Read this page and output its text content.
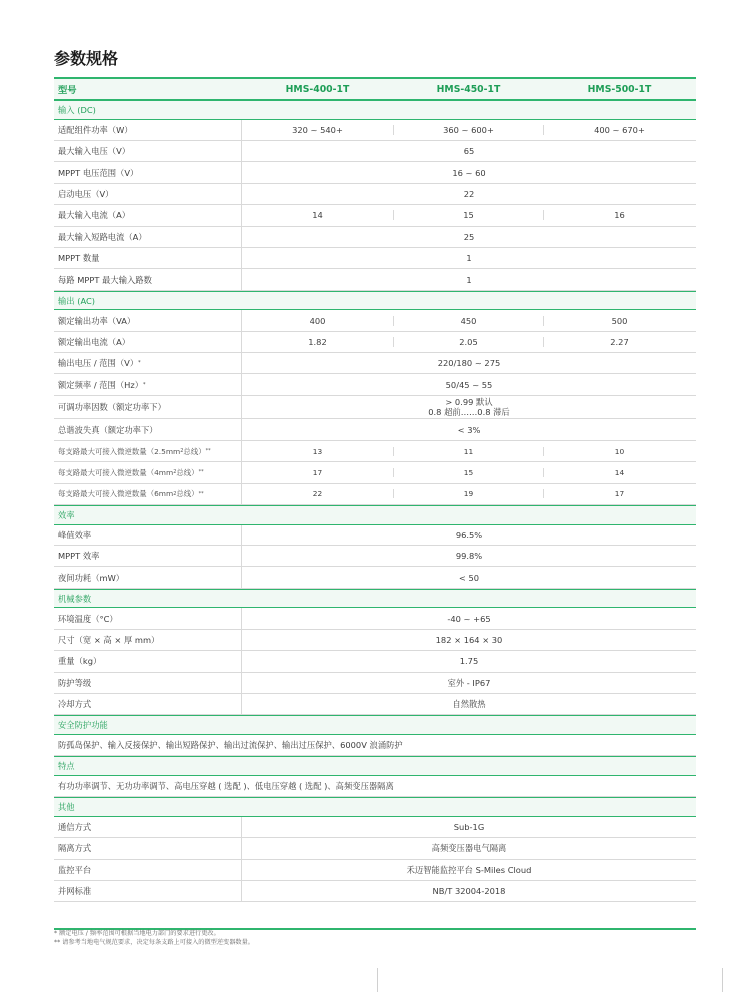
参数规格
型号	HMS-400-1T	HMS-450-1T	HMS-500-1T
输入 (DC)
适配组件功率（W）	320 ~ 540+	360 ~ 600+	400 ~ 670+
最大输入电压（V）	65
MPPT 电压范围（V）	16 ~ 60
启动电压（V）	22
最大输入电流（A）	14	15	16
最大输入短路电流（A）	25
MPPT 数量	1
每路 MPPT 最大输入路数	1
输出 (AC)
额定输出功率（VA）	400	450	500
额定输出电流（A）	1.82	2.05	2.27
输出电压 / 范围（V） *	220/180 ~ 275
额定频率 / 范围（Hz） *	50/45 ~ 55
可调功率因数（额定功率下）	> 0.99 默认
0.8 超前……0.8 滞后
总谐波失真（额定功率下）	< 3%
每支路最大可接入微逆数量（2.5mm 2 总线） **	13	11	10
每支路最大可接入微逆数量（4mm 2 总线） **	17	15	14
每支路最大可接入微逆数量（6mm 2 总线） **	22	19	17
效率
峰值效率	96.5%
MPPT 效率	99.8%
夜间功耗（mW）	< 50
机械参数
环境温度（°C）	-40 ~ +65
尺寸（宽 × 高 × 厚 mm）	182 × 164 × 30
重量（kg）	1.75
防护等级	室外 - IP67
冷却方式	自然散热
安全防护功能
防孤岛保护、输入反接保护、输出短路保护、输出过流保护、输出过压保护、6000V 浪涌防护
特点
有功功率调节、无功功率调节、高电压穿越 ( 选配 )、低电压穿越 ( 选配 )、高频变压器隔离
其他
通信方式	Sub-1G
隔离方式	高频变压器电气隔离
监控平台	禾迈智能监控平台 S-Miles Cloud
并网标准	NB/T 32004-2018
* 额定电压 / 频率范围可根据当地电力部门的要求进行更改。
** 请参考当地电气规范要求，决定每条支路上可接入的微型逆变器数量。
